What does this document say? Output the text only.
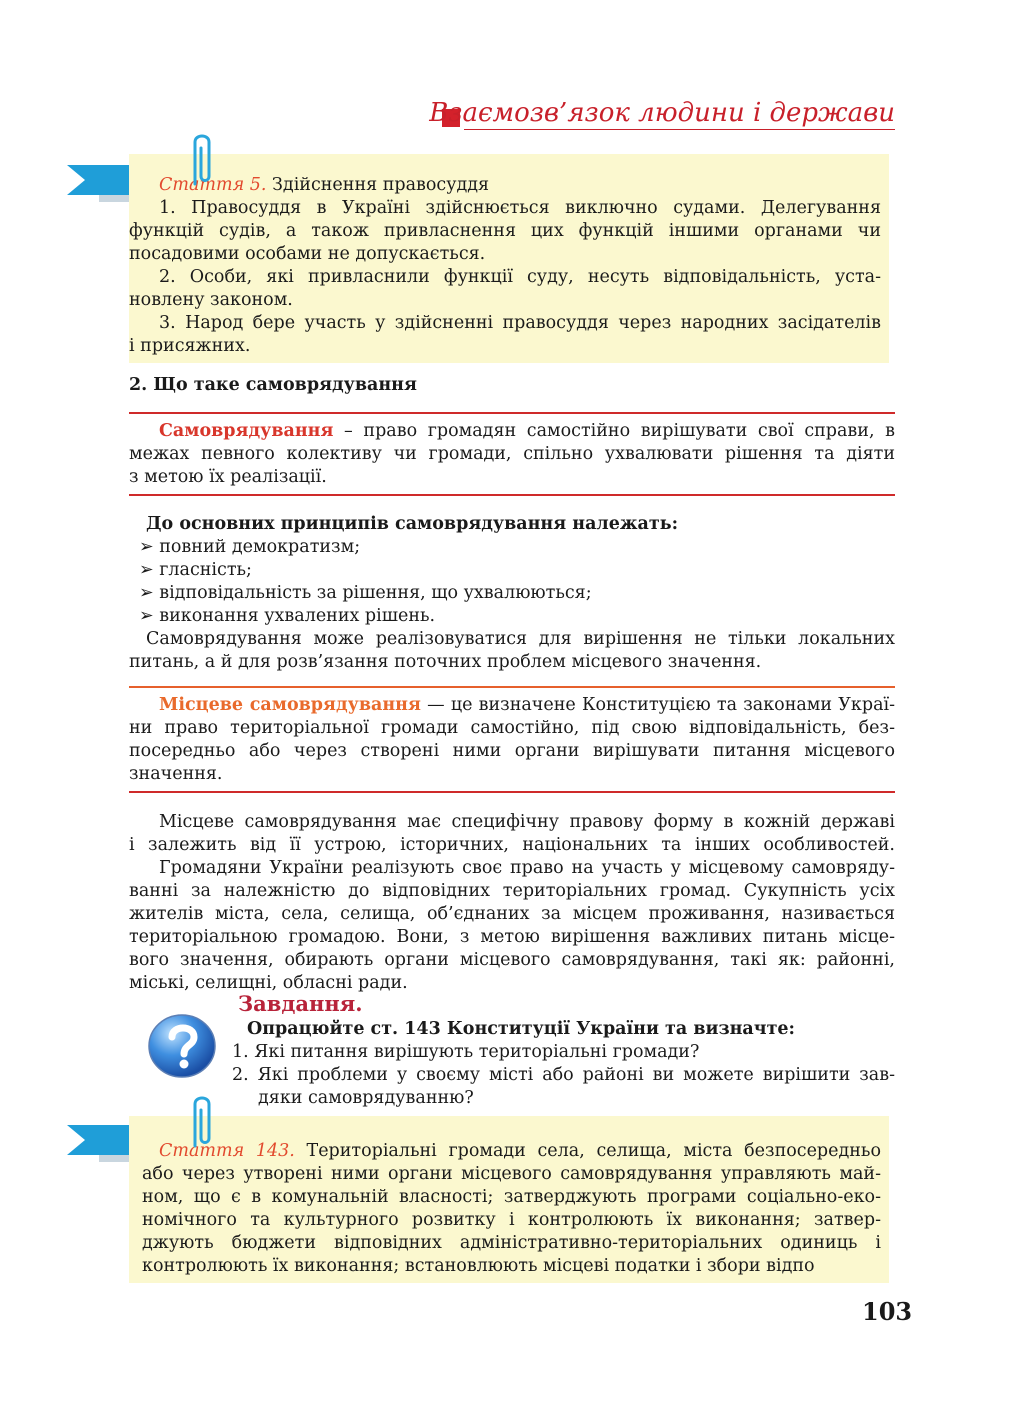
Взаємозв’язок людини і держави
Стаття 5. Здійснення правосуддя
1. Правосуддя в Україні здійснюється виключно судами. Делегування
функцій судів, а також привласнення цих функцій іншими органами чи
посадовими особами не допускається.
2. Особи, які привласнили функції суду, несуть відповідальність, уста-
новлену законом.
3. Народ бере участь у здійсненні правосуддя через народних засідателів
і присяжних.
2. Що таке самоврядування
Самоврядування – право громадян самостійно вирішувати свої справи, в
межах певного колективу чи громади, спільно ухвалювати рішення та діяти
з метою їх реалізації.
До основних принципів самоврядування належать:
➢ повний демократизм;
➢ гласність;
➢ відповідальність за рішення, що ухвалюються;
➢ виконання ухвалених рішень.
Самоврядування може реалізовуватися для вирішення не тільки локальних
питань, а й для розв’язання поточних проблем місцевого значення.
Місцеве самоврядування — це визначене Конституцією та законами Украї-
ни право територіальної громади самостійно, під свою відповідальність, без-
посередньо або через створені ними органи вирішувати питання місцевого
значення.
Місцеве самоврядування має специфічну правову форму в кожній державі
і залежить від її устрою, історичних, національних та інших особливостей.
Громадяни України реалізують своє право на участь у місцевому самовряду-
ванні за належністю до відповідних територіальних громад. Сукупність усіх
жителів міста, села, селища, об’єднаних за місцем проживання, називається
територіальною громадою. Вони, з метою вирішення важливих питань місце-
вого значення, обирають органи місцевого самоврядування, такі як: районні,
міські, селищні, обласні ради.
Завдання.
Опрацюйте ст. 143 Конституції України та визначте:
1. Які питання вирішують територіальні громади?
2. Які проблеми у своєму місті або районі ви можете вирішити зав-
дяки самоврядуванню?
Стаття 143. Територіальні громади села, селища, міста безпосередньо
або через утворені ними органи місцевого самоврядування управляють май-
ном, що є в комунальній власності; затверджують програми соціально-еко-
номічного та культурного розвитку і контролюють їх виконання; затвер-
джують бюджети відповідних адміністративно-територіальних одиниць і
контролюють їх виконання; встановлюють місцеві податки і збори відпо
103
